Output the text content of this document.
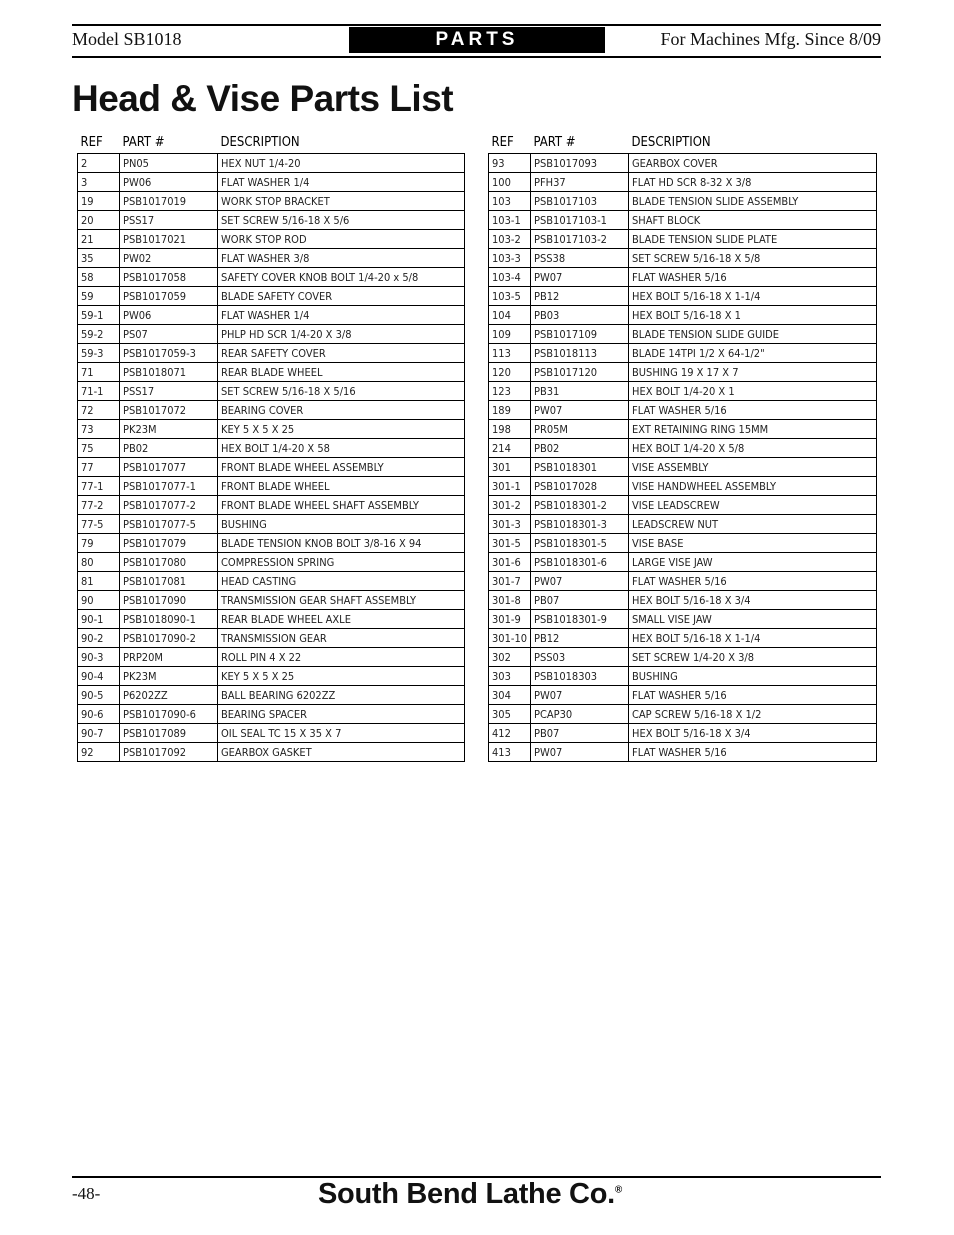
Model SB1018	PARTS	For Machines Mfg. Since 8/09
Head & Vise Parts List
REF	PART #	DESCRIPTION
2	PN05	HEX NUT 1/4-20
3	PW06	FLAT WASHER 1/4
19	PSB1017019	WORK STOP BRACKET
20	PSS17	SET SCREW 5/16-18 X 5/6
21	PSB1017021	WORK STOP ROD
35	PW02	FLAT WASHER 3/8
58	PSB1017058	SAFETY COVER KNOB BOLT 1/4-20 x 5/8
59	PSB1017059	BLADE SAFETY COVER
59-1	PW06	FLAT WASHER 1/4
59-2	PS07	PHLP HD SCR 1/4-20 X 3/8
59-3	PSB1017059-3	REAR SAFETY COVER
71	PSB1018071	REAR BLADE WHEEL
71-1	PSS17	SET SCREW 5/16-18 X 5/16
72	PSB1017072	BEARING COVER
73	PK23M	KEY 5 X 5 X 25
75	PB02	HEX BOLT 1/4-20 X 58
77	PSB1017077	FRONT BLADE WHEEL ASSEMBLY
77-1	PSB1017077-1	FRONT BLADE WHEEL
77-2	PSB1017077-2	FRONT BLADE WHEEL SHAFT ASSEMBLY
77-5	PSB1017077-5	BUSHING
79	PSB1017079	BLADE TENSION KNOB BOLT 3/8-16 X 94
80	PSB1017080	COMPRESSION SPRING
81	PSB1017081	HEAD CASTING
90	PSB1017090	TRANSMISSION GEAR SHAFT ASSEMBLY
90-1	PSB1018090-1	REAR BLADE WHEEL AXLE
90-2	PSB1017090-2	TRANSMISSION GEAR
90-3	PRP20M	ROLL PIN 4 X 22
90-4	PK23M	KEY 5 X 5 X 25
90-5	P6202ZZ	BALL BEARING 6202ZZ
90-6	PSB1017090-6	BEARING SPACER
90-7	PSB1017089	OIL SEAL TC 15 X 35 X 7
92	PSB1017092	GEARBOX GASKET
REF	PART #	DESCRIPTION
93	PSB1017093	GEARBOX COVER
100	PFH37	FLAT HD SCR 8-32 X 3/8
103	PSB1017103	BLADE TENSION SLIDE ASSEMBLY
103-1	PSB1017103-1	SHAFT BLOCK
103-2	PSB1017103-2	BLADE TENSION SLIDE PLATE
103-3	PSS38	SET SCREW 5/16-18 X 5/8
103-4	PW07	FLAT WASHER 5/16
103-5	PB12	HEX BOLT 5/16-18 X 1-1/4
104	PB03	HEX BOLT 5/16-18 X 1
109	PSB1017109	BLADE TENSION SLIDE GUIDE
113	PSB1018113	BLADE 14TPI 1/2 X 64-1/2"
120	PSB1017120	BUSHING 19 X 17 X 7
123	PB31	HEX BOLT 1/4-20 X 1
189	PW07	FLAT WASHER 5/16
198	PR05M	EXT RETAINING RING 15MM
214	PB02	HEX BOLT 1/4-20 X 5/8
301	PSB1018301	VISE ASSEMBLY
301-1	PSB1017028	VISE HANDWHEEL ASSEMBLY
301-2	PSB1018301-2	VISE LEADSCREW
301-3	PSB1018301-3	LEADSCREW NUT
301-5	PSB1018301-5	VISE BASE
301-6	PSB1018301-6	LARGE VISE JAW
301-7	PW07	FLAT WASHER 5/16
301-8	PB07	HEX BOLT 5/16-18 X 3/4
301-9	PSB1018301-9	SMALL VISE JAW
301-10	PB12	HEX BOLT 5/16-18 X 1-1/4
302	PSS03	SET SCREW 1/4-20 X 3/8
303	PSB1018303	BUSHING
304	PW07	FLAT WASHER 5/16
305	PCAP30	CAP SCREW 5/16-18 X 1/2
412	PB07	HEX BOLT 5/16-18 X 3/4
413	PW07	FLAT WASHER 5/16
-48-	South Bend Lathe Co.®
